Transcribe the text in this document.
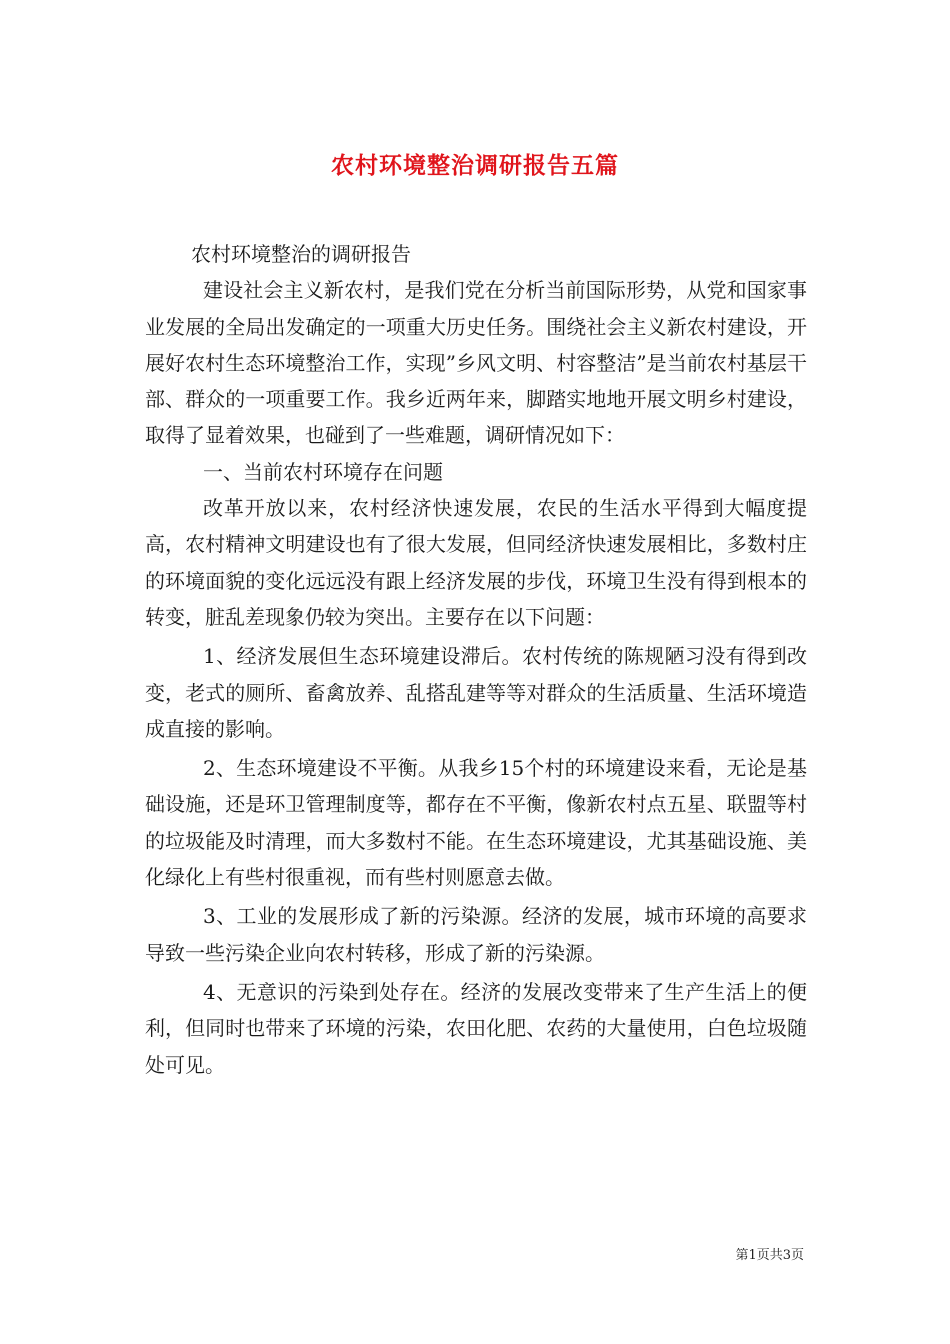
农村环境整治调研报告五篇

农村环境整治的调研报告

建设社会主义新农村，是我们党在分析当前国际形势，从党和国家事业发展的全局出发确定的一项重大历史任务。围绕社会主义新农村建设，开展好农村生态环境整治工作，实现”乡风文明、村容整洁”是当前农村基层干部、群众的一项重要工作。我乡近两年来，脚踏实地地开展文明乡村建设，取得了显着效果，也碰到了一些难题，调研情况如下：

一、当前农村环境存在问题

改革开放以来，农村经济快速发展，农民的生活水平得到大幅度提高，农村精神文明建设也有了很大发展，但同经济快速发展相比，多数村庄的环境面貌的变化远远没有跟上经济发展的步伐，环境卫生没有得到根本的转变，脏乱差现象仍较为突出。主要存在以下问题：

1、经济发展但生态环境建设滞后。农村传统的陈规陋习没有得到改变，老式的厕所、畜禽放养、乱搭乱建等等对群众的生活质量、生活环境造成直接的影响。

2、生态环境建设不平衡。从我乡15个村的环境建设来看，无论是基础设施，还是环卫管理制度等，都存在不平衡，像新农村点五星、联盟等村的垃圾能及时清理，而大多数村不能。在生态环境建设，尤其基础设施、美化绿化上有些村很重视，而有些村则愿意去做。

3、工业的发展形成了新的污染源。经济的发展，城市环境的高要求导致一些污染企业向农村转移，形成了新的污染源。

4、无意识的污染到处存在。经济的发展改变带来了生产生活上的便利，但同时也带来了环境的污染，农田化肥、农药的大量使用，白色垃圾随处可见。

第1页共3页
